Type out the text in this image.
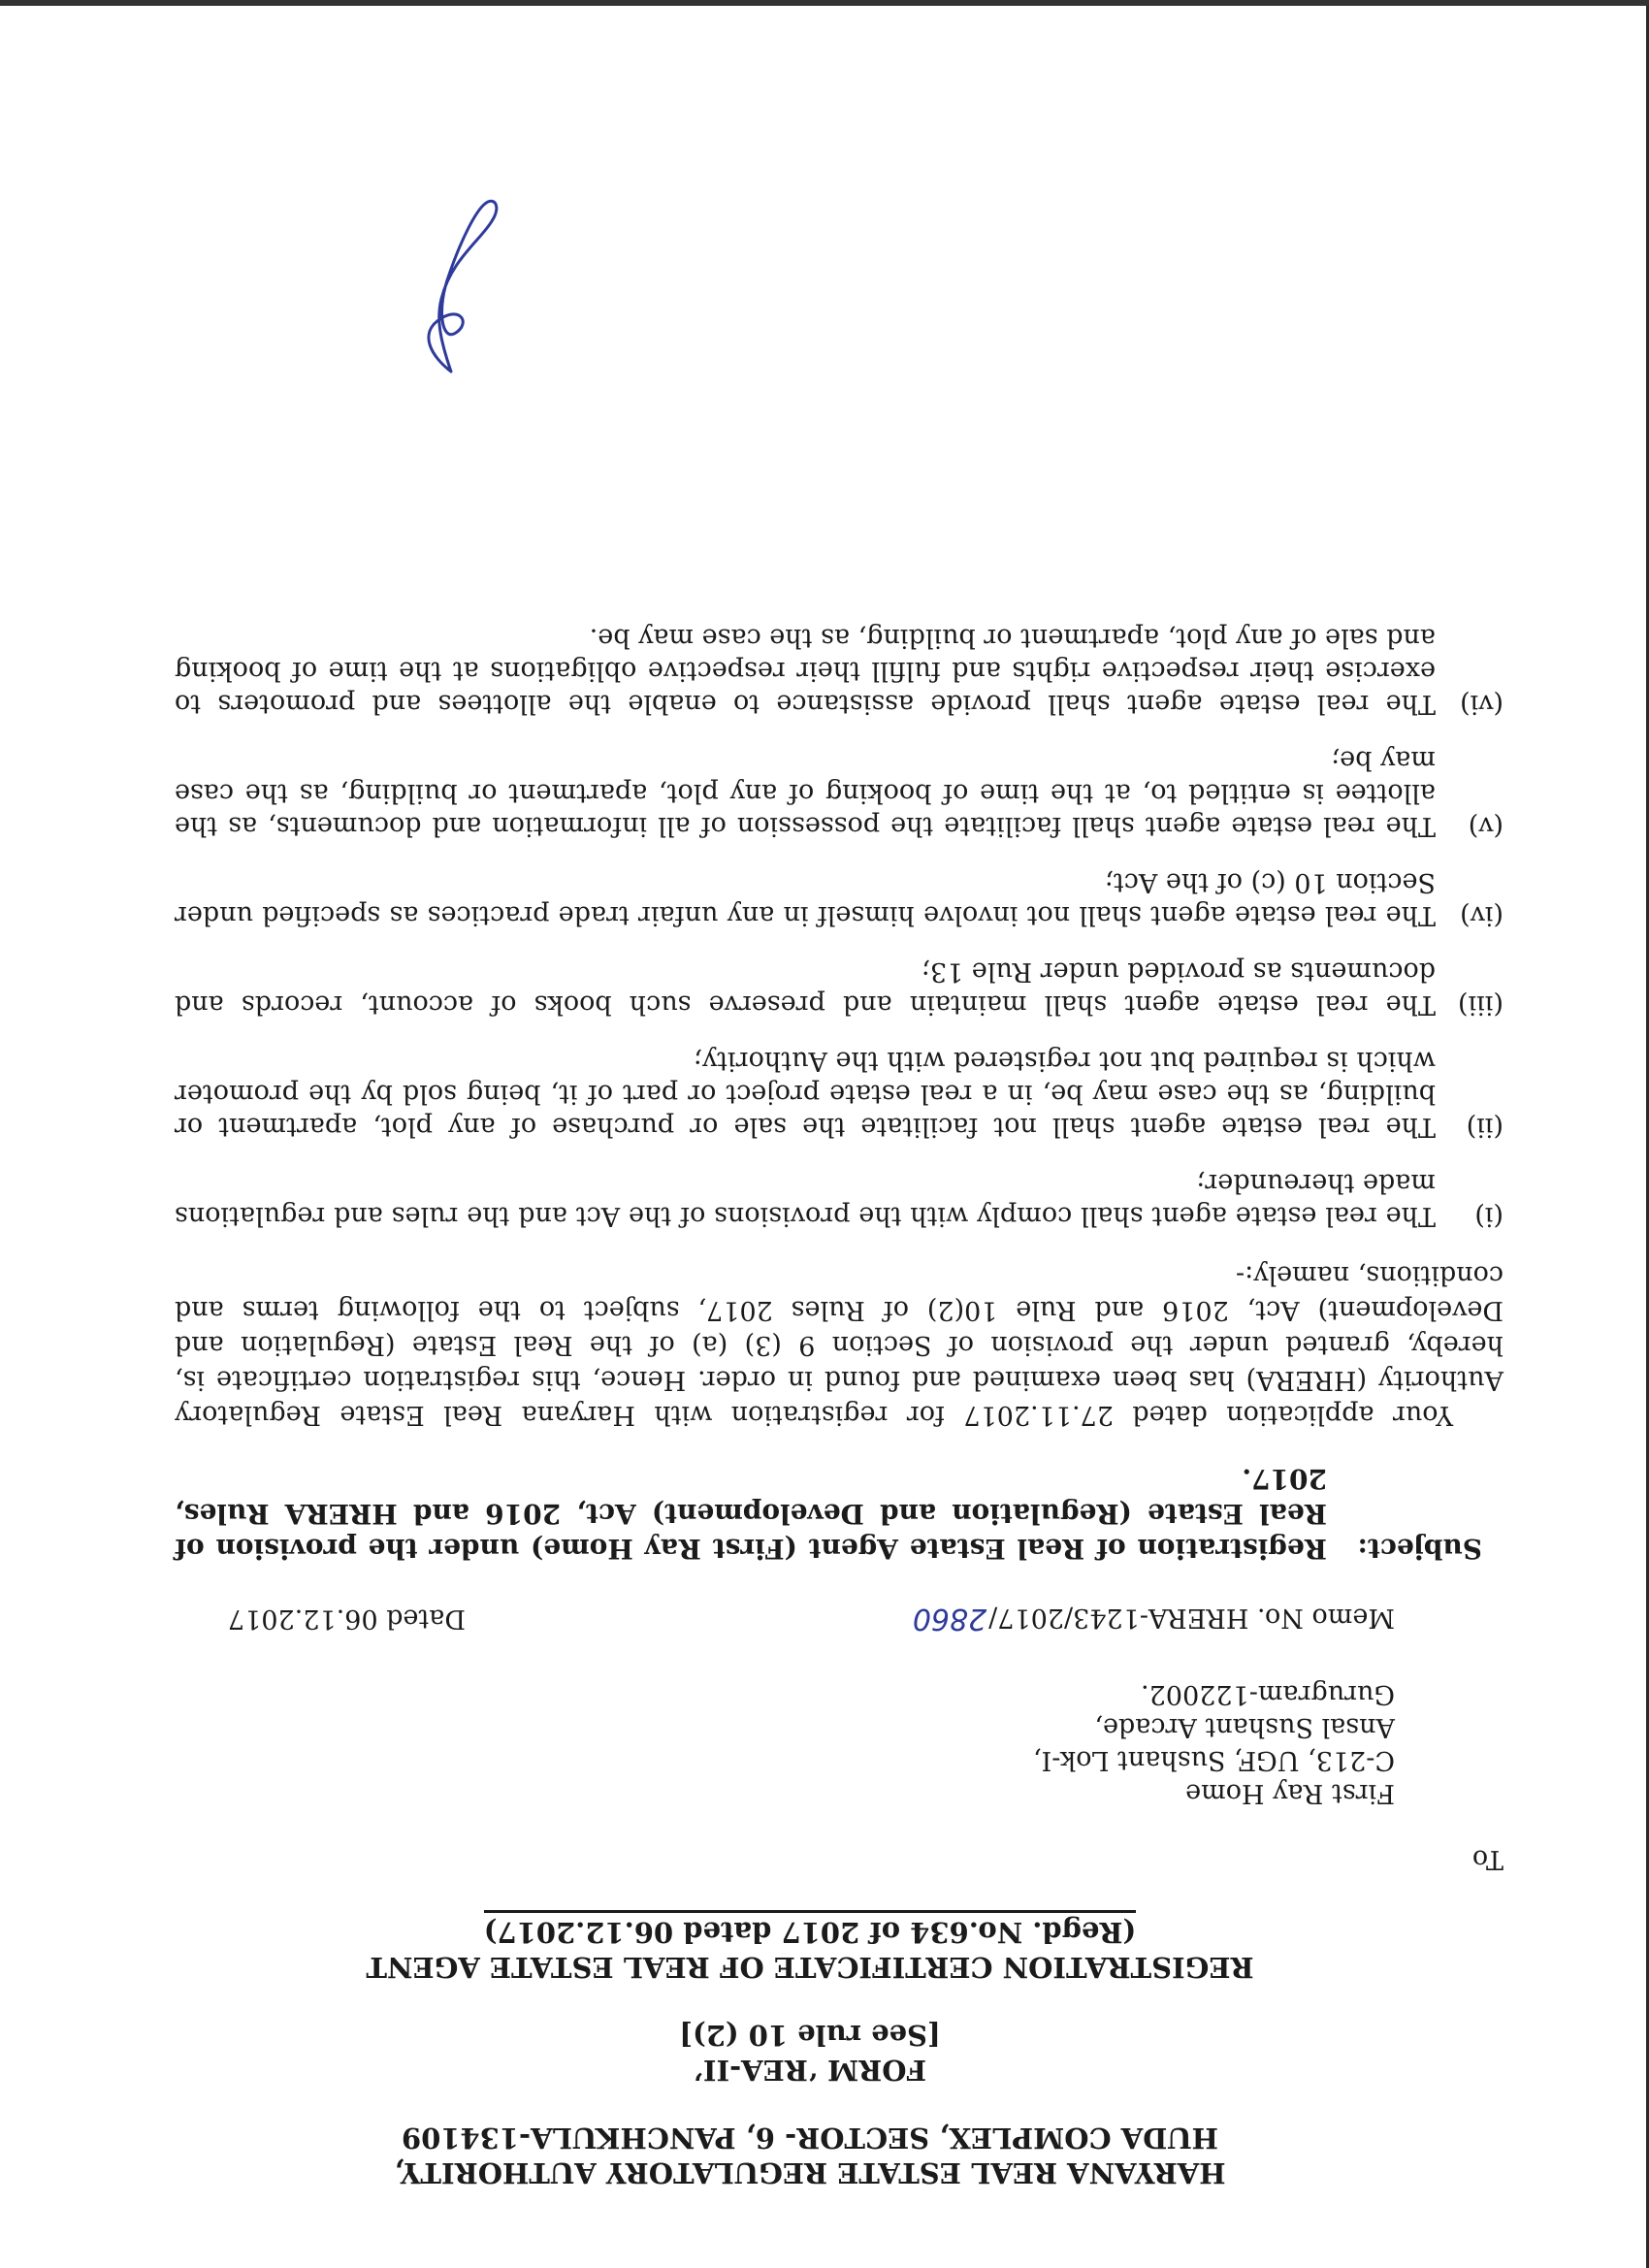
HARYANA REAL ESTATE REGULATORY AUTHORITY,
HUDA COMPLEX, SECTOR- 6, PANCHKULA-134109
FORM ‘REA-II’
[See rule 10 (2)]
REGISTRATION CERTIFICATE OF REAL ESTATE AGENT
(Regd. No.634 of 2017 dated 06.12.2017)
To
First Ray Home
C-213, UGF, Sushant Lok-I,
Ansal Sushant Arcade,
Gurugram-122002.
Memo No. HRERA-1243/2017/2860
Dated 06.12.2017
Subject:
Registration of Real Estate Agent (First Ray Home) under the provision of Real Estate (Regulation and Development) Act, 2016 and HRERA Rules, 2017.
Your application dated 27.11.2017 for registration with Haryana Real Estate Regulatory Authority (HRERA) has been examined and found in order. Hence, this registration certificate is, hereby, granted under the provision of Section 9 (3) (a) of the Real Estate (Regulation and Development) Act, 2016 and Rule 10(2) of Rules 2017, subject to the following terms and conditions, namely:-
(i)
The real estate agent shall comply with the provisions of the Act and the rules and regulations made thereunder;
(ii)
The real estate agent shall not facilitate the sale or purchase of any plot, apartment or building, as the case may be, in a real estate project or part of it, being sold by the promoter which is required but not registered with the Authority;
(iii)
The real estate agent shall maintain and preserve such books of account, records and documents as provided under Rule 13;
(iv)
The real estate agent shall not involve himself in any unfair trade practices as specified under Section 10 (c) of the Act;
(v)
The real estate agent shall facilitate the possession of all information and documents, as the allottee is entitled to, at the time of booking of any plot, apartment or building, as the case may be;
(vi)
The real estate agent shall provide assistance to enable the allottees and promoters to exercise their respective rights and fulfill their respective obligations at the time of booking and sale of any plot, apartment or building, as the case may be.
